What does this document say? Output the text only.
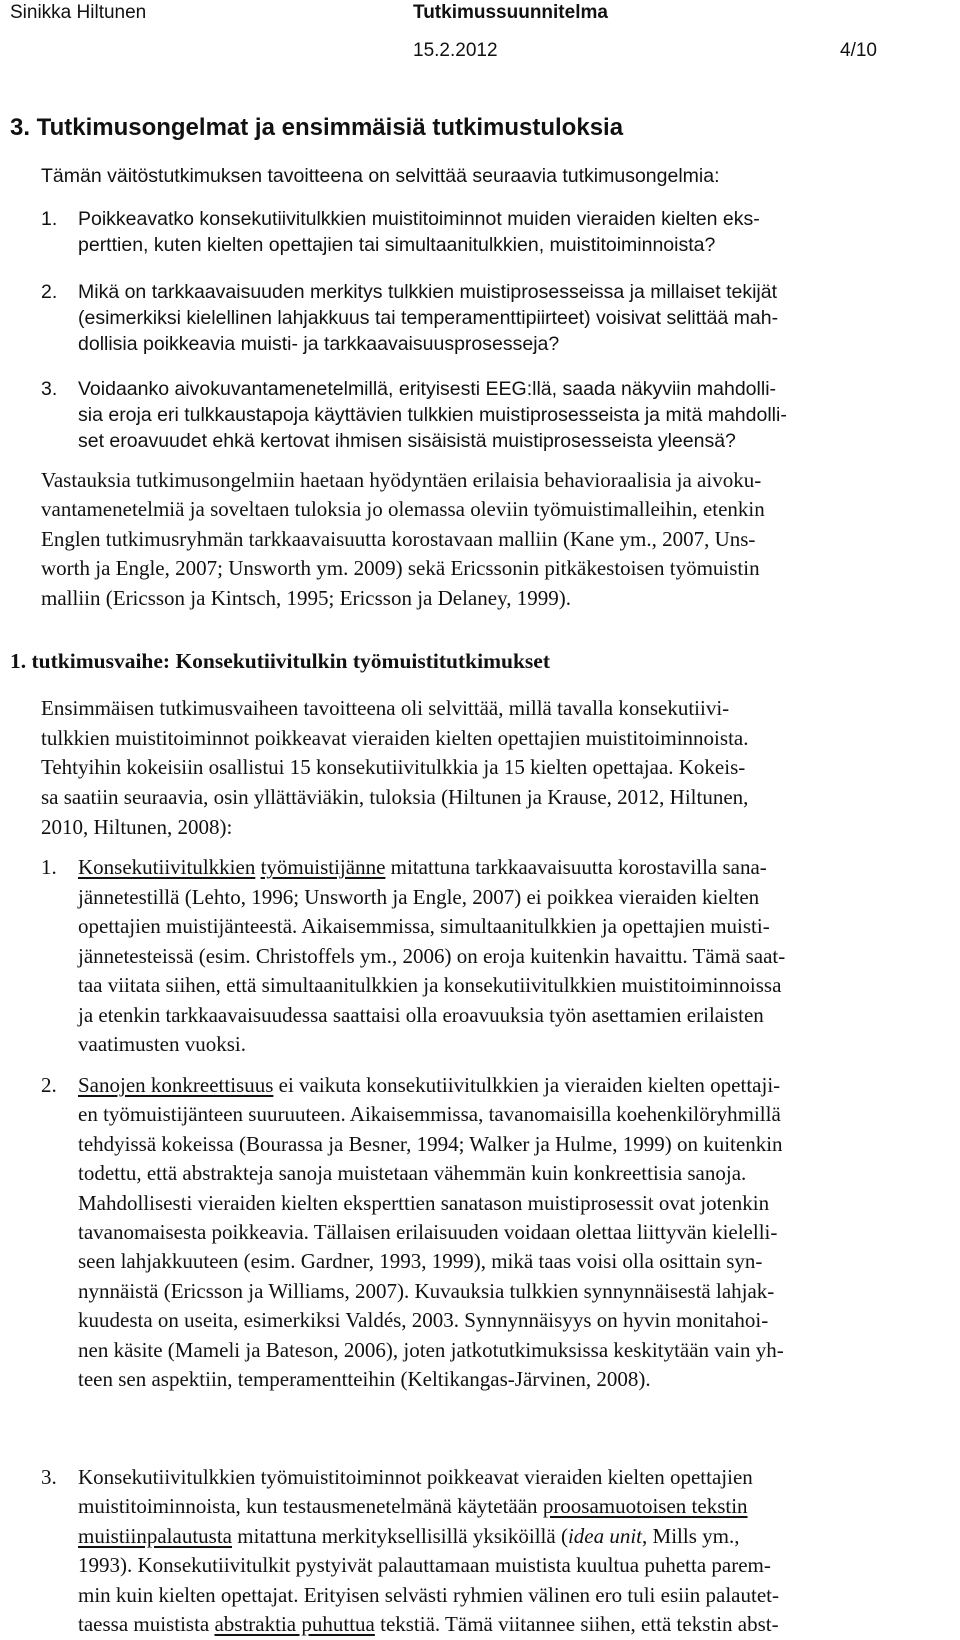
Sinikka Hiltunen	Tutkimussuunnitelma
15.2.2012	4/10
3. Tutkimusongelmat ja ensimmäisiä tutkimustuloksia
Tämän väitöstutkimuksen tavoitteena on selvittää seuraavia tutkimusongelmia:
1. Poikkeavatko konsekutiivitulkkien muistitoiminnot muiden vieraiden kielten eks-
perttien, kuten kielten opettajien tai simultaanitulkkien, muistitoiminnoista?
2. Mikä on tarkkaavaisuuden merkitys tulkkien muistiprosesseissa ja millaiset tekijät
(esimerkiksi kielellinen lahjakkuus tai temperamenttipiirteet) voisivat selittää mah-
dollisia poikkeavia muisti- ja tarkkaavaisuusprosesseja?
3. Voidaanko aivokuvantamenetelmillä, erityisesti EEG:llä, saada näkyviin mahdolli-
sia eroja eri tulkkaustapoja käyttävien tulkkien muistiprosesseista ja mitä mahdolli-
set eroavuudet ehkä kertovat ihmisen sisäisistä muistiprosesseista yleensä?
Vastauksia tutkimusongelmiin haetaan hyödyntäen erilaisia behavioraalisia ja aivoku-
vantamenetelmiä ja soveltaen tuloksia jo olemassa oleviin työmuistimalleihin, etenkin
Englen tutkimusryhmän tarkkaavaisuutta korostavaan malliin (Kane ym., 2007, Uns-
worth ja Engle, 2007; Unsworth ym. 2009) sekä Ericssonin pitkäkestoisen työmuistin
malliin (Ericsson ja Kintsch, 1995; Ericsson ja Delaney, 1999).
1. tutkimusvaihe: Konsekutiivitulkin työmuistitutkimukset
Ensimmäisen tutkimusvaiheen tavoitteena oli selvittää, millä tavalla konsekutiivi-
tulkkien muistitoiminnot poikkeavat vieraiden kielten opettajien muistitoiminnoista.
Tehtyihin kokeisiin osallistui 15 konsekutiivitulkkia ja 15 kielten opettajaa. Kokeis-
sa saatiin seuraavia, osin yllättäviäkin, tuloksia (Hiltunen ja Krause, 2012, Hiltunen,
2010, Hiltunen, 2008):
1. Konsekutiivitulkkien työmuistijänne mitattuna tarkkaavaisuutta korostavilla sana-
jännetestillä (Lehto, 1996; Unsworth ja Engle, 2007) ei poikkea vieraiden kielten
opettajien muistijänteestä. Aikaisemmissa, simultaanitulkkien ja opettajien muisti-
jännetesteissä (esim. Christoffels ym., 2006) on eroja kuitenkin havaittu. Tämä saat-
taa viitata siihen, että simultaanitulkkien ja konsekutiivitulkkien muistitoiminnoissa
ja etenkin tarkkaavaisuudessa saattaisi olla eroavuuksia työn asettamien erilaisten
vaatimusten vuoksi.
2. Sanojen konkreettisuus ei vaikuta konsekutiivitulkkien ja vieraiden kielten opettaji-
en työmuistijänteen suuruuteen. Aikaisemmissa, tavanomaisilla koehenkilöryhmillä
tehdyissä kokeissa (Bourassa ja Besner, 1994; Walker ja Hulme, 1999) on kuitenkin
todettu, että abstrakteja sanoja muistetaan vähemmän kuin konkreettisia sanoja.
Mahdollisesti vieraiden kielten eksperttien sanatason muistiprosessit ovat jotenkin
tavanomaisesta poikkeavia. Tällaisen erilaisuuden voidaan olettaa liittyvän kielelli-
seen lahjakkuuteen (esim. Gardner, 1993, 1999), mikä taas voisi olla osittain syn-
nynnäistä (Ericsson ja Williams, 2007). Kuvauksia tulkkien synnynnäisestä lahjak-
kuudesta on useita, esimerkiksi Valdés, 2003. Synnynnäisyys on hyvin monitahoi-
nen käsite (Mameli ja Bateson, 2006), joten jatkotutkimuksissa keskitytään vain yh-
teen sen aspektiin, temperamentteihin (Keltikangas-Järvinen, 2008).
3. Konsekutiivitulkkien työmuistitoiminnot poikkeavat vieraiden kielten opettajien
muistitoiminnoista, kun testausmenetelmänä käytetään proosamuotoisen tekstin
muistiinpalautusta mitattuna merkityksellisillä yksiköillä (idea unit, Mills ym.,
1993). Konsekutiivitulkit pystyivät palauttamaan muistista kuultua puhetta parem-
min kuin kielten opettajat. Erityisen selvästi ryhmien välinen ero tuli esiin palautet-
taessa muistista abstraktia puhuttua tekstiä. Tämä viitannee siihen, että tekstin abst-
